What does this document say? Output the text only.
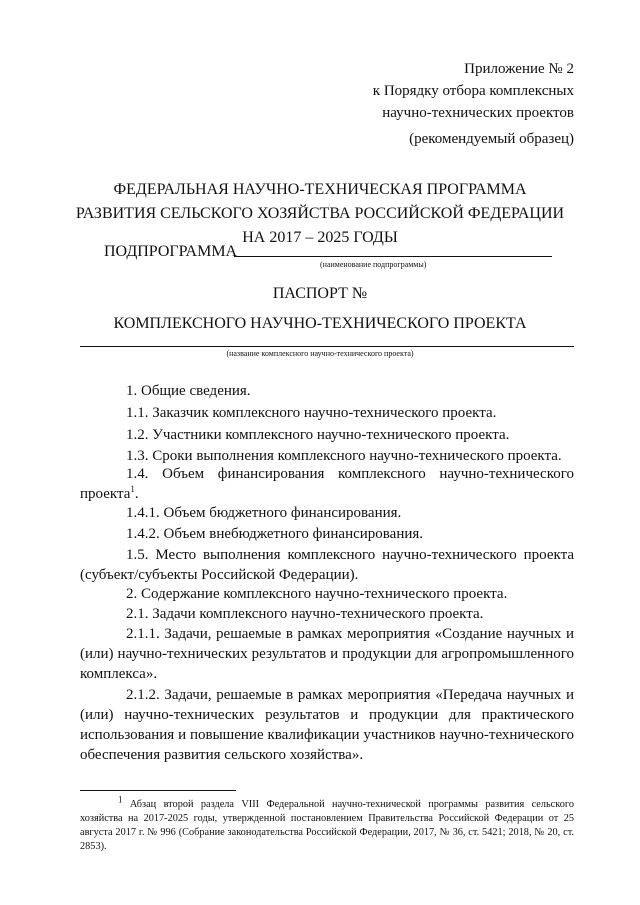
Приложение № 2
к Порядку отбора комплексных
научно-технических проектов
(рекомендуемый образец)
ФЕДЕРАЛЬНАЯ НАУЧНО-ТЕХНИЧЕСКАЯ ПРОГРАММА
РАЗВИТИЯ СЕЛЬСКОГО ХОЗЯЙСТВА РОССИЙСКОЙ ФЕДЕРАЦИИ
НА 2017 – 2025 ГОДЫ
ПОДПРОГРАММА
(наименование подпрограммы)
ПАСПОРТ №
КОМПЛЕКСНОГО НАУЧНО-ТЕХНИЧЕСКОГО ПРОЕКТА
(название комплексного научно-технического проекта)
1. Общие сведения.
1.1. Заказчик комплексного научно-технического проекта.
1.2. Участники комплексного научно-технического проекта.
1.3. Сроки выполнения комплексного научно-технического проекта.
1.4. Объем финансирования комплексного научно-технического
проекта$^1$.
1.4.1. Объем бюджетного финансирования.
1.4.2. Объем внебюджетного финансирования.
1.5. Место выполнения комплексного научно-технического проекта (субъект/субъекты Российской Федерации).
2. Содержание комплексного научно-технического проекта.
2.1. Задачи комплексного научно-технического проекта.
2.1.1. Задачи, решаемые в рамках мероприятия «Создание научных и (или) научно-технических результатов и продукции для агропромышленного комплекса».
2.1.2. Задачи, решаемые в рамках мероприятия «Передача научных и (или) научно-технических результатов и продукции для практического использования и повышение квалификации участников научно-технического обеспечения развития сельского хозяйства».
$^1$ Абзац второй раздела VIII Федеральной научно-технической программы развития сельского хозяйства на 2017-2025 годы, утвержденной постановлением Правительства Российской Федерации от 25 августа 2017 г. № 996 (Собрание законодательства Российской Федерации, 2017, № 36, ст. 5421; 2018, № 20, ст. 2853).
